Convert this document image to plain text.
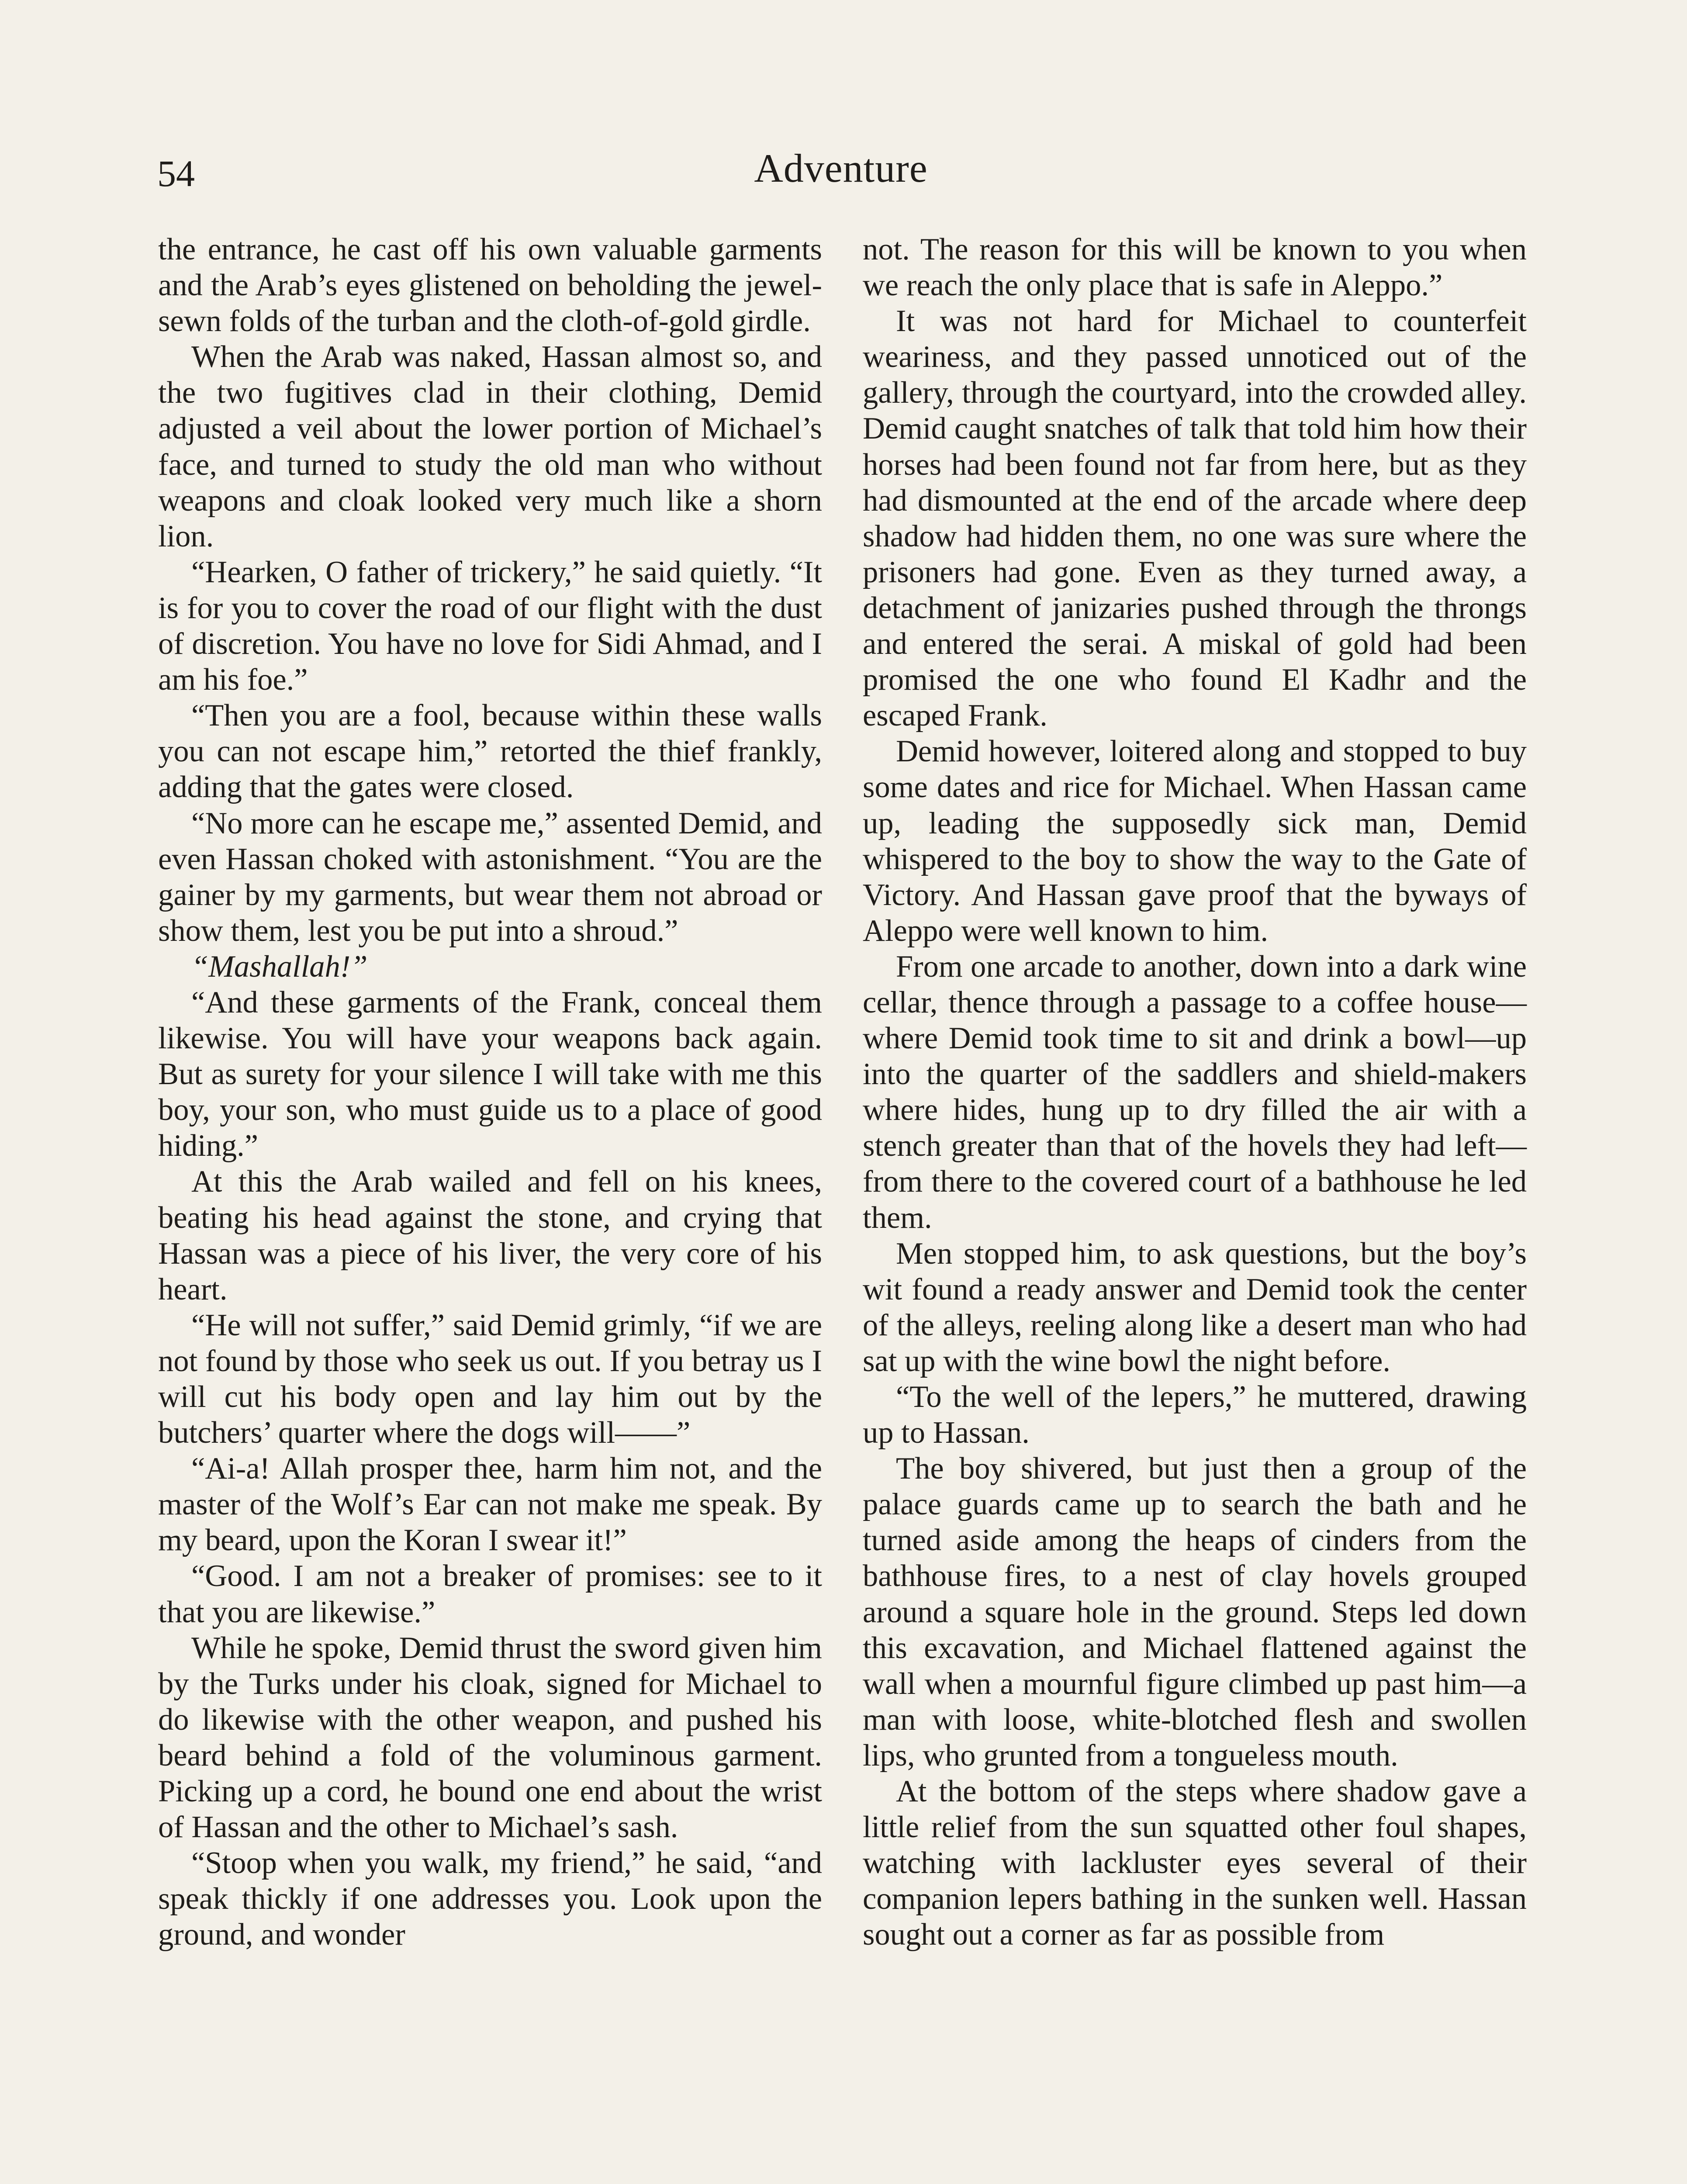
54	Adventure

the entrance, he cast off his own valuable garments and the Arab’s eyes glistened on beholding the jewel-sewn folds of the turban and the cloth-of-gold girdle.

When the Arab was naked, Hassan almost so, and the two fugitives clad in their clothing, Demid adjusted a veil about the lower portion of Michael’s face, and turned to study the old man who without weapons and cloak looked very much like a shorn lion.

“Hearken, O father of trickery,” he said quietly. “It is for you to cover the road of our flight with the dust of discretion. You have no love for Sidi Ahmad, and I am his foe.”

“Then you are a fool, because within these walls you can not escape him,” retorted the thief frankly, adding that the gates were closed.

“No more can he escape me,” assented Demid, and even Hassan choked with astonishment. “You are the gainer by my garments, but wear them not abroad or show them, lest you be put into a shroud.”

“Mashallah!”

“And these garments of the Frank, conceal them likewise. You will have your weapons back again. But as surety for your silence I will take with me this boy, your son, who must guide us to a place of good hiding.”

At this the Arab wailed and fell on his knees, beating his head against the stone, and crying that Hassan was a piece of his liver, the very core of his heart.

“He will not suffer,” said Demid grimly, “if we are not found by those who seek us out. If you betray us I will cut his body open and lay him out by the butchers’ quarter where the dogs will——”

“Ai-a! Allah prosper thee, harm him not, and the master of the Wolf’s Ear can not make me speak. By my beard, upon the Koran I swear it!”

“Good. I am not a breaker of promises: see to it that you are likewise.”

While he spoke, Demid thrust the sword given him by the Turks under his cloak, signed for Michael to do likewise with the other weapon, and pushed his beard behind a fold of the voluminous garment. Picking up a cord, he bound one end about the wrist of Hassan and the other to Michael’s sash.

“Stoop when you walk, my friend,” he said, “and speak thickly if one addresses you. Look upon the ground, and wonder

not. The reason for this will be known to you when we reach the only place that is safe in Aleppo.”

It was not hard for Michael to counterfeit weariness, and they passed unnoticed out of the gallery, through the courtyard, into the crowded alley. Demid caught snatches of talk that told him how their horses had been found not far from here, but as they had dismounted at the end of the arcade where deep shadow had hidden them, no one was sure where the prisoners had gone. Even as they turned away, a detachment of janizaries pushed through the throngs and entered the serai. A miskal of gold had been promised the one who found El Kadhr and the escaped Frank.

Demid however, loitered along and stopped to buy some dates and rice for Michael. When Hassan came up, leading the supposedly sick man, Demid whispered to the boy to show the way to the Gate of Victory. And Hassan gave proof that the byways of Aleppo were well known to him.

From one arcade to another, down into a dark wine cellar, thence through a passage to a coffee house—where Demid took time to sit and drink a bowl—up into the quarter of the saddlers and shield-makers where hides, hung up to dry filled the air with a stench greater than that of the hovels they had left—from there to the covered court of a bathhouse he led them.

Men stopped him, to ask questions, but the boy’s wit found a ready answer and Demid took the center of the alleys, reeling along like a desert man who had sat up with the wine bowl the night before.

“To the well of the lepers,” he muttered, drawing up to Hassan.

The boy shivered, but just then a group of the palace guards came up to search the bath and he turned aside among the heaps of cinders from the bathhouse fires, to a nest of clay hovels grouped around a square hole in the ground. Steps led down this excavation, and Michael flattened against the wall when a mournful figure climbed up past him—a man with loose, white-blotched flesh and swollen lips, who grunted from a tongueless mouth.

At the bottom of the steps where shadow gave a little relief from the sun squatted other foul shapes, watching with lackluster eyes several of their companion lepers bathing in the sunken well. Hassan sought out a corner as far as possible from
